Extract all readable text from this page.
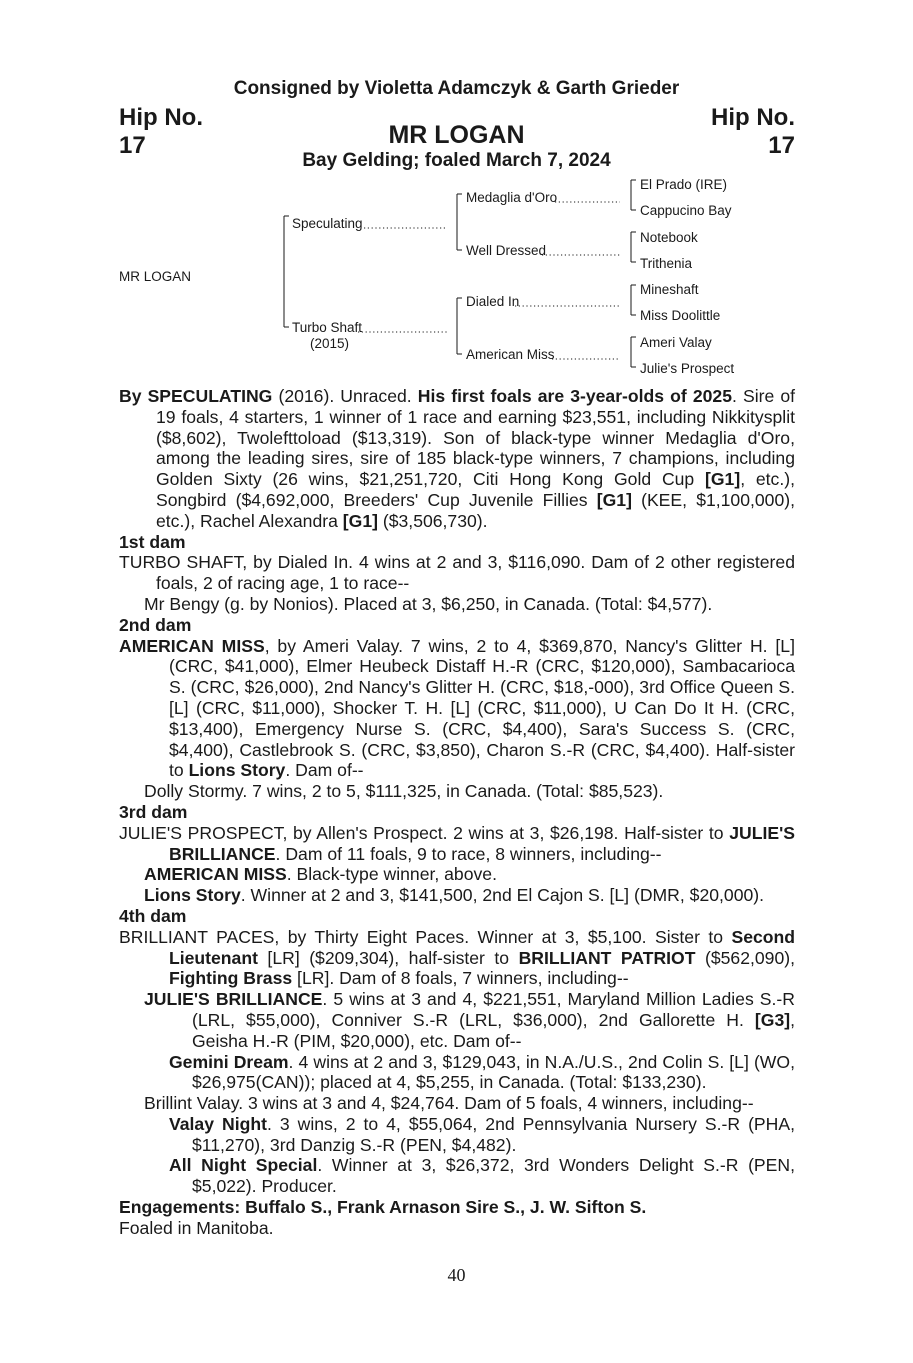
Consigned by Violetta Adamczyk & Garth Grieder
Hip No.
17
Hip No.
17
MR LOGAN
Bay Gelding; foaled March 7, 2024
MR LOGAN
Speculating
Turbo Shaft
(2015)
Medaglia d'Oro
Well Dressed
Dialed In
American Miss
El Prado (IRE)
Cappucino Bay
Notebook
Trithenia
Mineshaft
Miss Doolittle
Ameri Valay
Julie's Prospect

By SPECULATING (2016). Unraced. His first foals are 3-year-olds of 2025. Sire of 19 foals, 4 starters, 1 winner of 1 race and earning $23,551, including Nikkitysplit ($8,602), Twolefttoload ($13,319). Son of black-type winner Medaglia d'Oro, among the leading sires, sire of 185 black-type winners, 7 champions, including Golden Sixty (26 wins, $21,251,720, Citi Hong Kong Gold Cup [G1], etc.), Songbird ($4,692,000, Breeders' Cup Juvenile Fillies [G1] (KEE, $1,100,000), etc.), Rachel Alexandra [G1] ($3,506,730).

1st dam

TURBO SHAFT, by Dialed In. 4 wins at 2 and 3, $116,090. Dam of 2 other registered foals, 2 of racing age, 1 to race--

Mr Bengy (g. by Nonios). Placed at 3, $6,250, in Canada. (Total: $4,577).

2nd dam

AMERICAN MISS, by Ameri Valay. 7 wins, 2 to 4, $369,870, Nancy's Glitter H. [L] (CRC, $41,000), Elmer Heubeck Distaff H.-R (CRC, $120,000), Sambacarioca S. (CRC, $26,000), 2nd Nancy's Glitter H. (CRC, $18,-000), 3rd Office Queen S. [L] (CRC, $11,000), Shocker T. H. [L] (CRC, $11,000), U Can Do It H. (CRC, $13,400), Emergency Nurse S. (CRC, $4,400), Sara's Success S. (CRC, $4,400), Castlebrook S. (CRC, $3,850), Charon S.-R (CRC, $4,400). Half-sister to Lions Story. Dam of--

Dolly Stormy. 7 wins, 2 to 5, $111,325, in Canada. (Total: $85,523).

3rd dam

JULIE'S PROSPECT, by Allen's Prospect. 2 wins at 3, $26,198. Half-sister to JULIE'S BRILLIANCE. Dam of 11 foals, 9 to race, 8 winners, including--

AMERICAN MISS. Black-type winner, above.

Lions Story. Winner at 2 and 3, $141,500, 2nd El Cajon S. [L] (DMR, $20,000).

4th dam

BRILLIANT PACES, by Thirty Eight Paces. Winner at 3, $5,100. Sister to Second Lieutenant [LR] ($209,304), half-sister to BRILLIANT PATRIOT ($562,090), Fighting Brass [LR]. Dam of 8 foals, 7 winners, including--

JULIE'S BRILLIANCE. 5 wins at 3 and 4, $221,551, Maryland Million Ladies S.-R (LRL, $55,000), Conniver S.-R (LRL, $36,000), 2nd Gallorette H. [G3], Geisha H.-R (PIM, $20,000), etc. Dam of--

Gemini Dream. 4 wins at 2 and 3, $129,043, in N.A./U.S., 2nd Colin S. [L] (WO, $26,975(CAN)); placed at 4, $5,255, in Canada. (Total: $133,230).

Brillint Valay. 3 wins at 3 and 4, $24,764. Dam of 5 foals, 4 winners, including--

Valay Night. 3 wins, 2 to 4, $55,064, 2nd Pennsylvania Nursery S.-R (PHA, $11,270), 3rd Danzig S.-R (PEN, $4,482).

All Night Special. Winner at 3, $26,372, 3rd Wonders Delight S.-R (PEN, $5,022). Producer.

Engagements: Buffalo S., Frank Arnason Sire S., J. W. Sifton S.

Foaled in Manitoba.

40
